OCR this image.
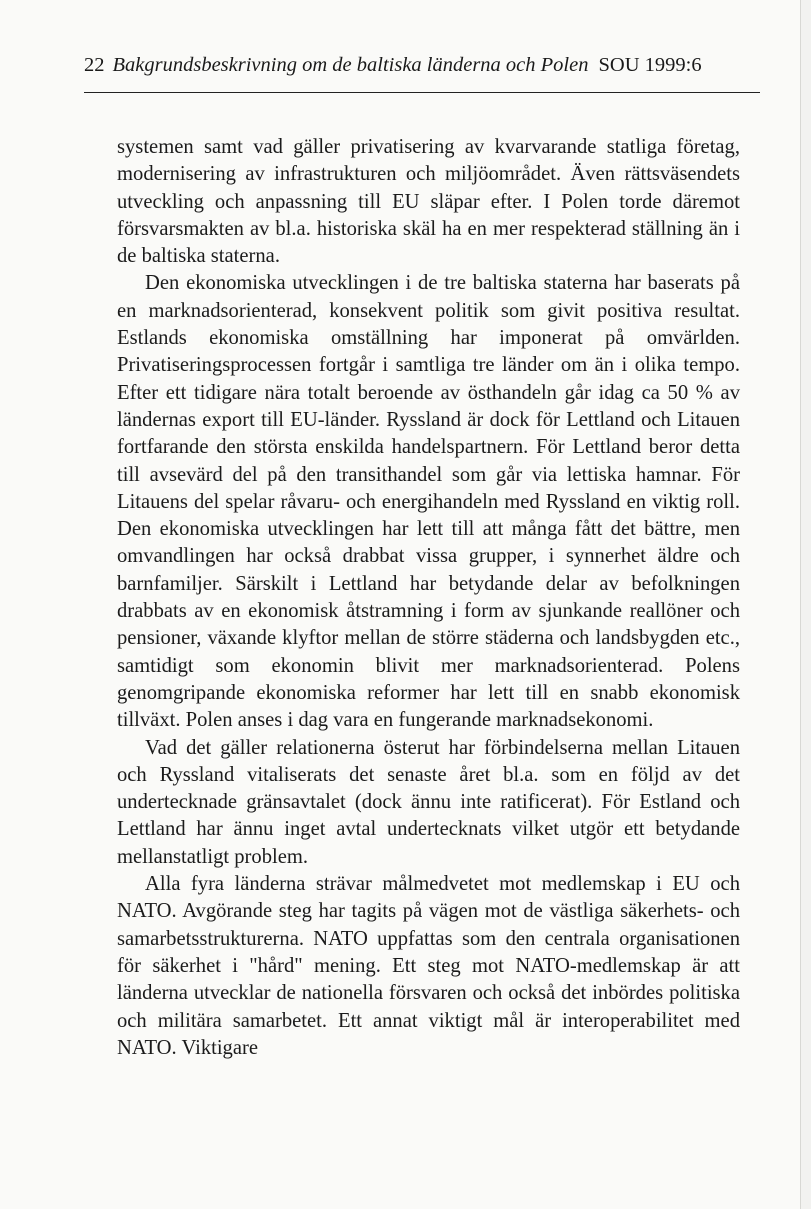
22 Bakgrundsbeskrivning om de baltiska länderna och Polen SOU 1999:6

systemen samt vad gäller privatisering av kvarvarande statliga företag, modernisering av infrastrukturen och miljöområdet. Även rättsväsendets utveckling och anpassning till EU släpar efter. I Polen torde däremot försvarsmakten av bl.a. historiska skäl ha en mer respekterad ställning än i de baltiska staterna.

Den ekonomiska utvecklingen i de tre baltiska staterna har baserats på en marknadsorienterad, konsekvent politik som givit positiva resultat. Estlands ekonomiska omställning har imponerat på omvärlden. Privatiseringsprocessen fortgår i samtliga tre länder om än i olika tempo. Efter ett tidigare nära totalt beroende av östhandeln går idag ca 50 % av ländernas export till EU-länder. Ryssland är dock för Lettland och Litauen fortfarande den största enskilda handelspartnern. För Lettland beror detta till avsevärd del på den transithandel som går via lettiska hamnar. För Litauens del spelar råvaru- och energihandeln med Ryssland en viktig roll. Den ekonomiska utvecklingen har lett till att många fått det bättre, men omvandlingen har också drabbat vissa grupper, i synnerhet äldre och barnfamiljer. Särskilt i Lettland har betydande delar av befolkningen drabbats av en ekonomisk åtstramning i form av sjunkande reallöner och pensioner, växande klyftor mellan de större städerna och landsbygden etc., samtidigt som ekonomin blivit mer marknadsorienterad. Polens genomgripande ekonomiska reformer har lett till en snabb ekonomisk tillväxt. Polen anses i dag vara en fungerande marknadsekonomi.

Vad det gäller relationerna österut har förbindelserna mellan Litauen och Ryssland vitaliserats det senaste året bl.a. som en följd av det undertecknade gränsavtalet (dock ännu inte ratificerat). För Estland och Lettland har ännu inget avtal undertecknats vilket utgör ett betydande mellanstatligt problem.

Alla fyra länderna strävar målmedvetet mot medlemskap i EU och NATO. Avgörande steg har tagits på vägen mot de västliga säkerhets- och samarbetsstrukturerna. NATO uppfattas som den centrala organisationen för säkerhet i "hård" mening. Ett steg mot NATO-medlemskap är att länderna utvecklar de nationella försvaren och också det inbördes politiska och militära samarbetet. Ett annat viktigt mål är interoperabilitet med NATO. Viktigare
